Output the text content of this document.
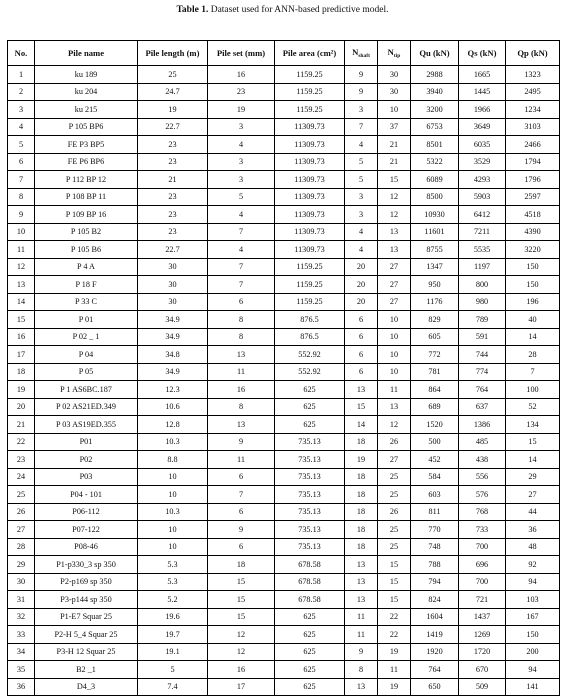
Table 1. Dataset used for ANN-based predictive model.
No.	Pile name	Pile length (m)	Pile set (mm)	Pile area (cm²)	$N_{shaft}$	$N_{tip}$	Qu (kN)	Qs (kN)	Qp (kN)
1	ku 189	25	16	1159.25	9	30	2988	1665	1323
2	ku 204	24.7	23	1159.25	9	30	3940	1445	2495
3	ku 215	19	19	1159.25	3	10	3200	1966	1234
4	P 105 BP6	22.7	3	11309.73	7	37	6753	3649	3103
5	FE P3 BP5	23	4	11309.73	4	21	8501	6035	2466
6	FE P6 BP6	23	3	11309.73	5	21	5322	3529	1794
7	P 112 BP 12	21	3	11309.73	5	15	6089	4293	1796
8	P 108 BP 11	23	5	11309.73	3	12	8500	5903	2597
9	P 109 BP 16	23	4	11309.73	3	12	10930	6412	4518
10	P 105 B2	23	7	11309.73	4	13	11601	7211	4390
11	P 105 B6	22.7	4	11309.73	4	13	8755	5535	3220
12	P 4 A	30	7	1159.25	20	27	1347	1197	150
13	P 18 F	30	7	1159.25	20	27	950	800	150
14	P 33 C	30	6	1159.25	20	27	1176	980	196
15	P 01	34.9	8	876.5	6	10	829	789	40
16	P 02 _ 1	34.9	8	876.5	6	10	605	591	14
17	P 04	34.8	13	552.92	6	10	772	744	28
18	P 05	34.9	11	552.92	6	10	781	774	7
19	P 1 AS6BC.187	12.3	16	625	13	11	864	764	100
20	P 02 AS21ED.349	10.6	8	625	15	13	689	637	52
21	P 03 AS19ED.355	12.8	13	625	14	12	1520	1386	134
22	P01	10.3	9	735.13	18	26	500	485	15
23	P02	8.8	11	735.13	19	27	452	438	14
24	P03	10	6	735.13	18	25	584	556	29
25	P04 - 101	10	7	735.13	18	25	603	576	27
26	P06-112	10.3	6	735.13	18	26	811	768	44
27	P07-122	10	9	735.13	18	25	770	733	36
28	P08-46	10	6	735.13	18	25	748	700	48
29	P1-p330_3 sp 350	5.3	18	678.58	13	15	788	696	92
30	P2-p169 sp 350	5.3	15	678.58	13	15	794	700	94
31	P3-p144 sp 350	5.2	15	678.58	13	15	824	721	103
32	P1-E7 Squar 25	19.6	15	625	11	22	1604	1437	167
33	P2-H 5_4 Squar 25	19.7	12	625	11	22	1419	1269	150
34	P3-H 12 Squar 25	19.1	12	625	9	19	1920	1720	200
35	B2 _1	5	16	625	8	11	764	670	94
36	D4_3	7.4	17	625	13	19	650	509	141
